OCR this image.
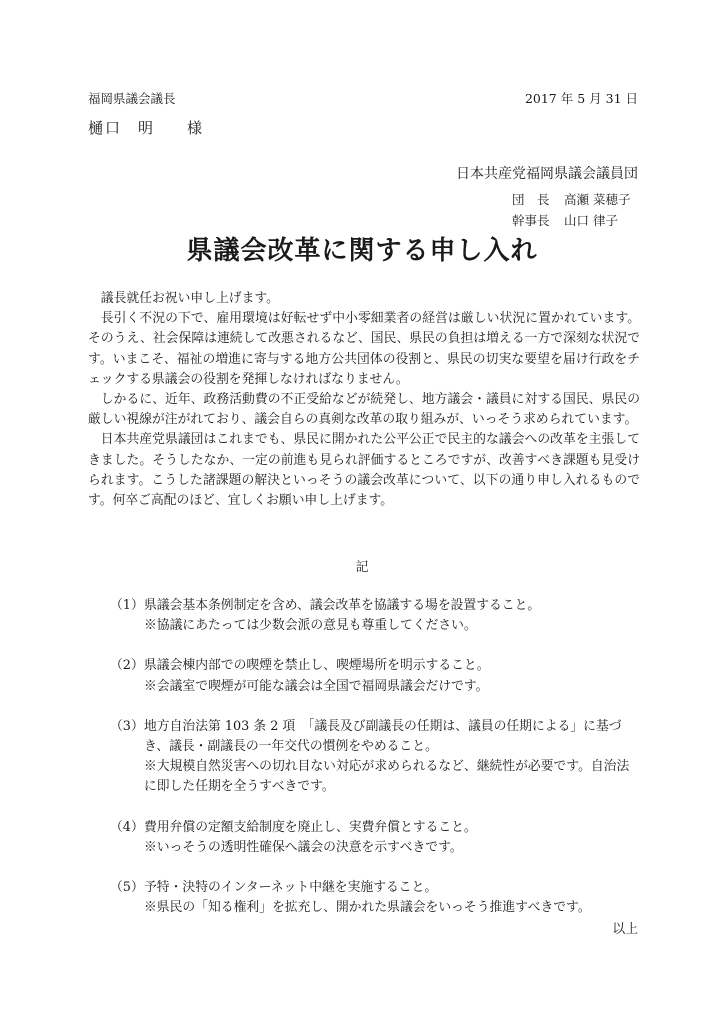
福岡県議会議長	2017 年 5 月 31 日
樋口 明 様
日本共産党福岡県議会議員団
団　長 高瀬 菜穂子
幹事長 山口 律子
県議会改革に関する申し入れ

議長就任お祝い申し上げます。

長引く不況の下で、雇用環境は好転せず中小零細業者の経営は厳しい状況に置かれています。そのうえ、社会保障は連続して改悪されるなど、国民、県民の負担は増える一方で深刻な状況です。いまこそ、福祉の増進に寄与する地方公共団体の役割と、県民の切実な要望を届け行政をチェックする県議会の役割を発揮しなければなりません。

しかるに、近年、政務活動費の不正受給などが続発し、地方議会・議員に対する国民、県民の厳しい視線が注がれており、議会自らの真剣な改革の取り組みが、いっそう求められています。

日本共産党県議団はこれまでも、県民に開かれた公平公正で民主的な議会への改革を主張してきました。そうしたなか、一定の前進も見られ評価するところですが、改善すべき課題も見受けられます。こうした諸課題の解決といっそうの議会改革について、以下の通り申し入れるものです。何卒ご高配のほど、宜しくお願い申し上げます。

記
（1） 県議会基本条例制定を含め、議会改革を協議する場を設置すること。
※協議にあたっては少数会派の意見も尊重してください。
（2） 県議会棟内部での喫煙を禁止し、喫煙場所を明示すること。
※会議室で喫煙が可能な議会は全国で福岡県議会だけです。
（3） 地方自治法第 103 条 2 項　「議長及び副議長の任期は、議員の任期による」に基づき、議長・副議長の一年交代の慣例をやめること。
※大規模自然災害への切れ目ない対応が求められるなど、継続性が必要です。自治法に即した任期を全うすべきです。
（4） 費用弁償の定額支給制度を廃止し、実費弁償とすること。
※いっそうの透明性確保へ議会の決意を示すべきです。
（5） 予特・決特のインターネット中継を実施すること。
※県民の「知る権利」を拡充し、開かれた県議会をいっそう推進すべきです。
以上
